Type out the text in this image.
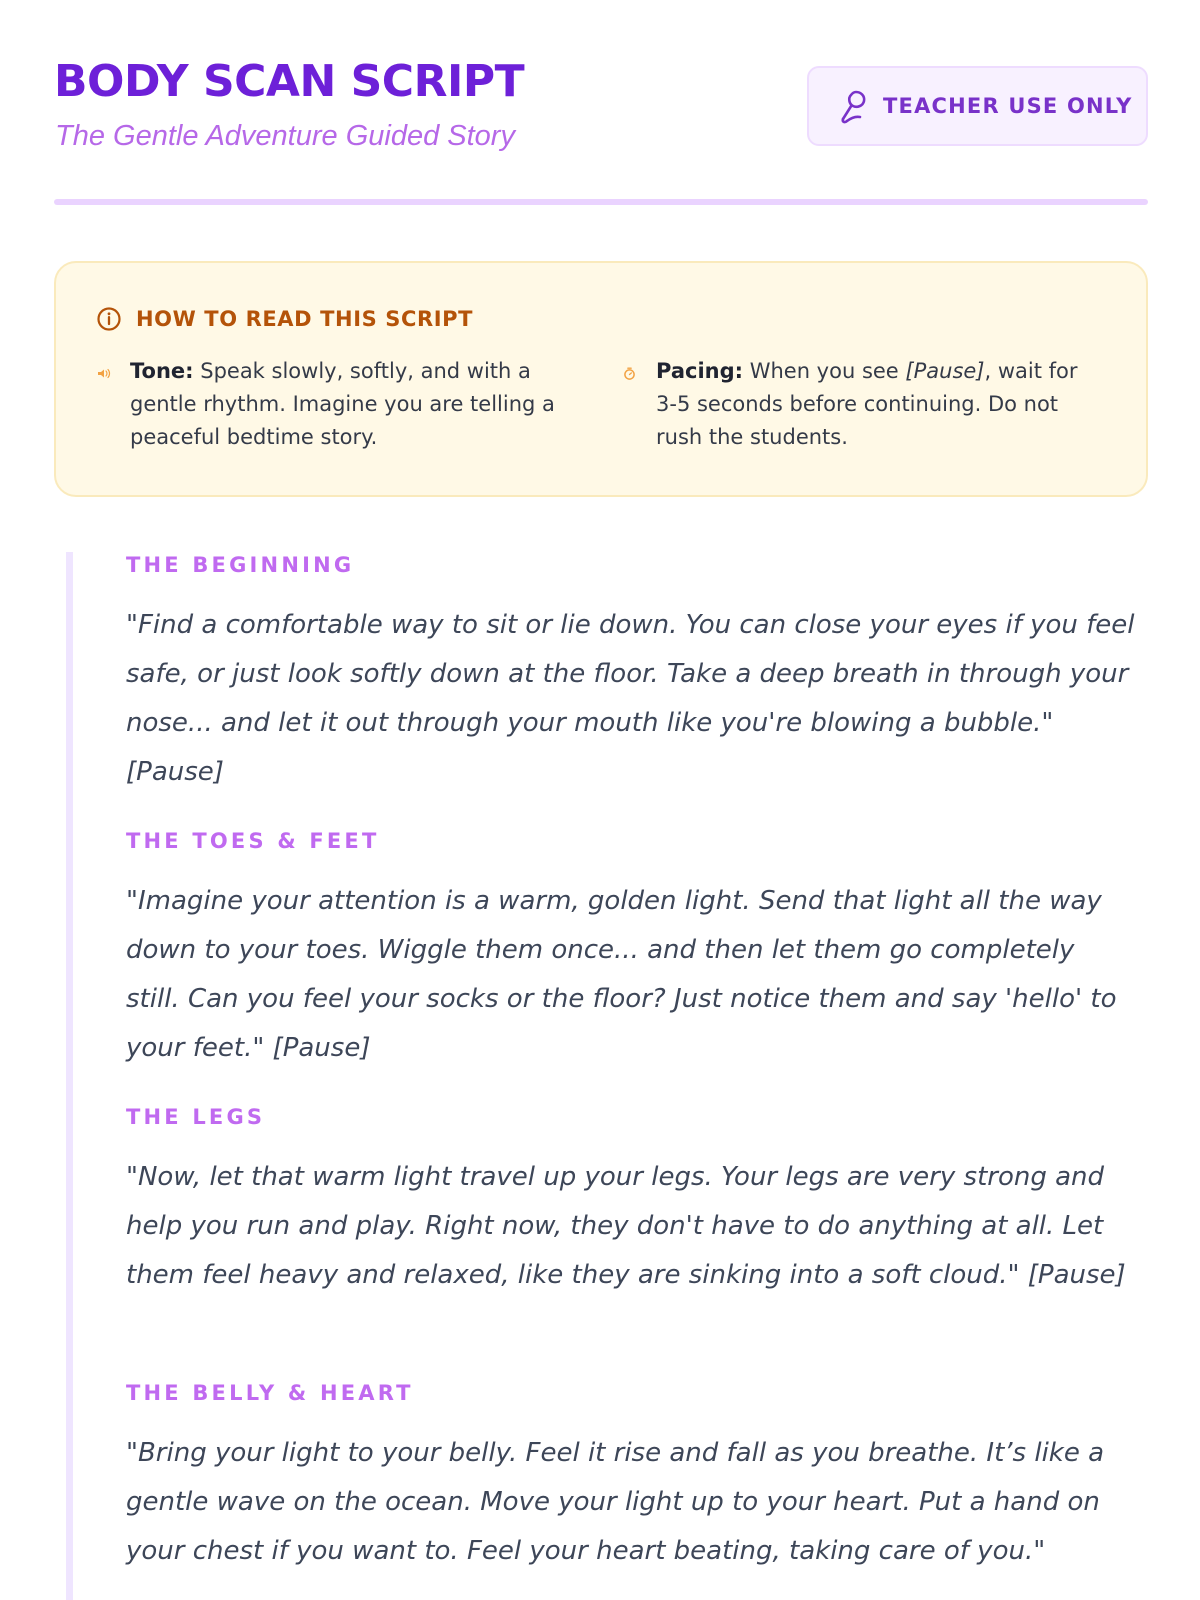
BODY SCAN SCRIPT
The Gentle Adventure Guided Story
TEACHER USE ONLY
HOW TO READ THIS SCRIPT

Tone: Speak slowly, softly, and with a gentle rhythm. Imagine you are telling a peaceful bedtime story.

Pacing: When you see [Pause], wait for 3-5 seconds before continuing. Do not rush the students.

THE BEGINNING

"Find a comfortable way to sit or lie down. You can close your eyes if you feel safe, or just look softly down at the floor. Take a deep breath in through your nose... and let it out through your mouth like you're blowing a bubble." [Pause]

THE TOES & FEET

"Imagine your attention is a warm, golden light. Send that light all the way down to your toes. Wiggle them once... and then let them go completely still. Can you feel your socks or the floor? Just notice them and say 'hello' to your feet." [Pause]

THE LEGS

"Now, let that warm light travel up your legs. Your legs are very strong and help you run and play. Right now, they don't have to do anything at all. Let them feel heavy and relaxed, like they are sinking into a soft cloud." [Pause]

THE BELLY & HEART

"Bring your light to your belly. Feel it rise and fall as you breathe. It’s like a gentle wave on the ocean. Move your light up to your heart. Put a hand on your chest if you want to. Feel your heart beating, taking care of you."
